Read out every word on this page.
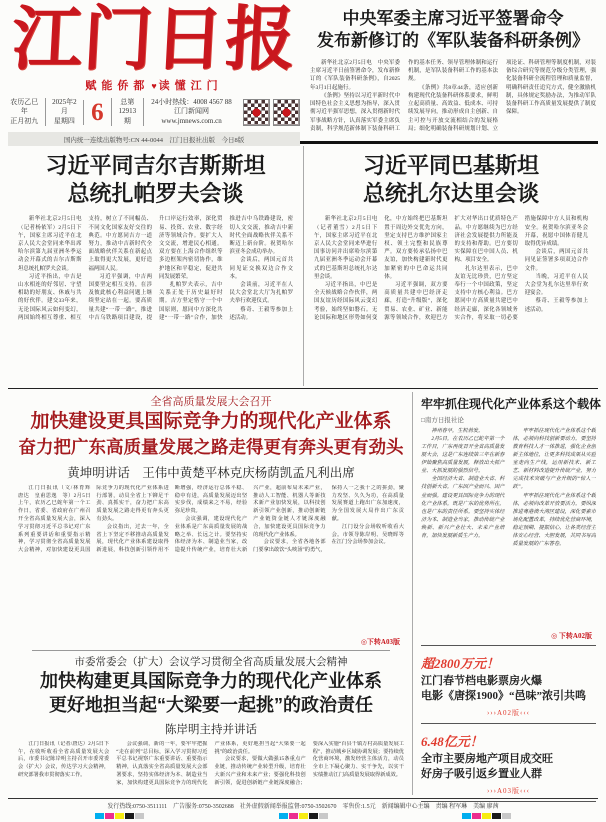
江门日报
赋能侨都 ♥ 读懂江门
农历乙巳年
正月初九
2025年2月
星期四 6	总第
12913期
24小时热线：4008 4567 88
江门新闻网 www.jmnews.com.cn
国内统一连续出版物号:CN 44-0044　江门日报社出版　今日8版
中央军委主席习近平签署命令
发布新修订的《军队装备科研条例》

新华社北京2月5日电　中央军委主席习近平日前签署命令，发布新修订的《军队装备科研条例》，自2025年3月1日起施行。

《条例》坚持以习近平新时代中国特色社会主义思想为指导，深入贯彻习近平强军思想，深入贯彻新时代军事战略方针，认真落实军委主席负责制，科学规范新体制下装备科研工作的基本任务、领导管理体制和运行机制，是军队装备科研工作的基本法规。

《条例》共8章44条，适应创新构建现代化装备科研体系要求，鲜明立起高质量、高效益、低成本、可持续发展导向，推动形成自主创新、自主可控与开放交流相结合的发展格局；细化明确装备科研规划计划、立项论证、科研管理等制度机制，对装备综合研究等规范分级分类管理，强化装备科研全流程管理和质量监督，明确科研责任追究方式，健全激励机制，具体规定奖励办法，为推动军队装备科研工作高质量发展提供了制度保障。

习近平同吉尔吉斯斯坦
总统扎帕罗夫会谈

新华社北京2月5日电（记者杨依军）2月5日下午，国家主席习近平在北京人民大会堂同来华出席哈尔滨第九届亚洲冬季运动会开幕式的吉尔吉斯斯坦总统扎帕罗夫会谈。

习近平指出，中吉是山水相连的好邻居、守望相助的好朋友、休戚与共的好伙伴。建交33年来，无论国际风云如何变幻，两国始终相互尊重、相互支持，树立了不同幅员、不同文化国家友好交往的典范。中方愿同吉方一道努力，推动中吉新时代全面战略伙伴关系在新起点上取得更大发展，更好造福两国人民。

习近平强调，中吉两国要坚定相互支持，在涉及彼此核心利益问题上继续坚定站在一起。要高质量共建“一带一路”，推进中吉乌铁路项目建设，提升口岸运行效率，深化贸易、投资、农业、数字经济等领域合作。要扩大人文交流，增进民心相通。双方要在上海合作组织等多边框架内密切协作，维护地区和平稳定，促进共同发展繁荣。

扎帕罗夫表示，吉中关系正处于历史最好时期。吉方坚定恪守一个中国原则，愿同中方深化共建“一带一路”合作，加快推进吉中乌铁路建设，密切人文交流，推动吉中新时代全面战略伙伴关系不断迈上新台阶。祝贺哈尔滨亚冬会成功举办。

会谈后，两国元首共同见证交换双边合作文本。

会谈前，习近平在人民大会堂北大厅为扎帕罗夫举行欢迎仪式。

蔡奇、王毅等参加上述活动。

习近平同巴基斯坦
总统扎尔达里会谈

新华社北京2月5日电（记者董雪）2月5日下午，国家主席习近平在北京人民大会堂同来华进行国事访问并出席哈尔滨第九届亚洲冬季运动会开幕式的巴基斯坦总统扎尔达里会谈。

习近平指出，中巴是全天候战略合作伙伴，两国友谊历经国际风云变幻考验，始终坚如磐石。无论国际和地区形势如何变化，中方始终把巴基斯坦置于周边外交优先方向，坚定支持巴方维护国家主权、领土完整和民族尊严。双方要传承弘扬中巴友谊，加快构建新时代更加紧密的中巴命运共同体。

习近平强调，双方要高质量共建中巴经济走廊，打造“升级版”，深化贸易、农业、矿业、新能源等领域合作，欢迎巴方扩大对华出口优质特色产品。中方愿继续为巴方经济社会发展提供力所能及的支持和帮助。巴方要切实保障在巴中国人员、机构、项目安全。

扎尔达里表示，巴中友谊无比珍贵，巴方坚定奉行一个中国政策，坚定支持中方核心利益。巴方愿同中方高质量共建巴中经济走廊，深化各领域务实合作，将采取一切必要措施保障中方人员和机构安全。祝贺哈尔滨亚冬会开幕，祝愿中国体育健儿取得优异成绩。

会谈后，两国元首共同见证签署多项双边合作文件。

当晚，习近平在人民大会堂为扎尔达里举行欢迎宴会。

蔡奇、王毅等参加上述活动。

全省高质量发展大会召开
加快建设更具国际竞争力的现代化产业体系
奋力把广东高质量发展之路走得更有奔头更有劲头
黄坤明讲话　王伟中黄楚平林克庆杨荫凯孟凡利出席

江门日报讯（文/林育辉　唐达　皇甫思逸　等）2月5日上午，农历乙巳蛇年第一个工作日，省委、省政府在广州召开全省高质量发展大会，深入学习贯彻习近平总书记对广东系列重要讲话和重要指示精神，学习贯彻全省高质量发展大会精神，对加快建设更具国际竞争力的现代化产业体系进行部署，动员全省上下铆足干劲、真抓实干，奋力把广东高质量发展之路走得更有奔头更有劲头。

会议指出，过去一年，全省上下坚定不移推动高质量发展，现代化产业体系建设取得新进展，科技创新引领作用不断增强，经济运行总体平稳、稳中有进，高质量发展迈出坚实步伐，成绩来之不易，经验弥足珍贵。

会议强调，建设现代化产业体系是广东高质量发展的战略之举、长远之计。要坚持实体经济为本、制造业当家，改造提升传统产业，培育壮大新兴产业，超前布局未来产业，推动人工智能、机器人等新技术新产业加快发展，以科技创新引领产业创新，推动创新链产业链资金链人才链深度融合，加快建设更具国际竞争力的现代化产业体系。

会议要求，全省各地各部门要拿出敢饮“头啖汤”的勇气，保持人一之我十之的拼劲，聚力攻坚、久久为功，在高质量发展赛道上跑出广东加速度，为全国发展大局作出广东贡献。

江门设分会场收听收看大会。市领导陈岸明、吴晓晖等在江门分会场参加会议。

◎下转A03版
市委常委会（扩大）会议学习贯彻全省高质量发展大会精神
加快构建更具国际竞争力的现代化产业体系
更好地担当起“大梁要一起挑”的政治责任
陈岸明主持并讲话

江门日报讯（记者/唐达）2月5日下午，在收听收看全省高质量发展大会后，市委书记陈岸明主持召开市委常委会（扩大）会议，传达学习大会精神，研究部署我市贯彻落实工作。

会议强调，新的一年，要牢牢把握“走在前列”总目标，深入学习贯彻习近平总书记视察广东重要讲话、重要指示精神，认真落实全省高质量发展大会部署要求，坚持实体经济为本、制造业当家，加快构建更具国际竞争力的现代化产业体系，更好地担当起“大梁要一起挑”的政治责任。

会议要求，要做大做强15条重点产业链，推动传统产业转型升级，培育壮大新兴产业和未来产业；要强化科技创新引领，促进创新链产业链深度融合；要深入实施“百县千镇万村高质量发展工程”，推动城乡区域协调发展；要持续优化营商环境，激发经营主体活力，动员全市上下凝心聚力、实干争先，以实干实绩推动江门高质量发展取得新成效。

牢牢抓住现代化产业体系这个载体
□南方日报社论

神州春早，生机勃发。

2月5日，在农历乙巳蛇年第一个工作日，广东再度召开全省高质量发展大会，这是广东连续第三年在新春伊始聚焦高质量发展，释放出大抓产业、大抓发展的强烈信号。

全国经济大省、制造业大省、科技创新大省，广东因产业而兴、因产业而强。建设更具国际竞争力的现代化产业体系，既是广东的优势所在，也是广东的责任所系。要坚持实体经济为本、制造业当家，推动传统产业焕新、新兴产业壮大、未来产业培育，加快发展新质生产力。

牢牢抓住现代化产业体系这个载体，必须向科技创新要动力。要坚持教育科技人才一体推进，强化企业创新主体地位，让更多科技成果从实验室走向生产线，运用新技术、新工艺、新材料改造提升传统产业，努力完成技术突破与产业升级的“惊人一跃”。

牢牢抓住现代化产业体系这个载体，必须向改革开放要活力。要纵深推进粤港澳大湾区建设，深化要素市场化配置改革，持续优化营商环境，稳定预期、提振信心，让各类经营主体安心经营、大胆发展，共同书写高质量发展的广东答卷。

◎ 下转A02版
超2800万元！
江门春节档电影票房火爆
电影《唐探1900》“邑味”浓引共鸣
›››A02版‹‹‹
6.48亿元！
全市主要房地产项目成交旺
好房子吸引返乡置业人群
›››A03版‹‹‹
发行热线:0750-3511111　广告服务:0750-3502688　社外虚假新闻举报监督:0750-3502670　零售价:1.5元　新闻编辑中心主编　责编 程军琳　美编 廖茜
